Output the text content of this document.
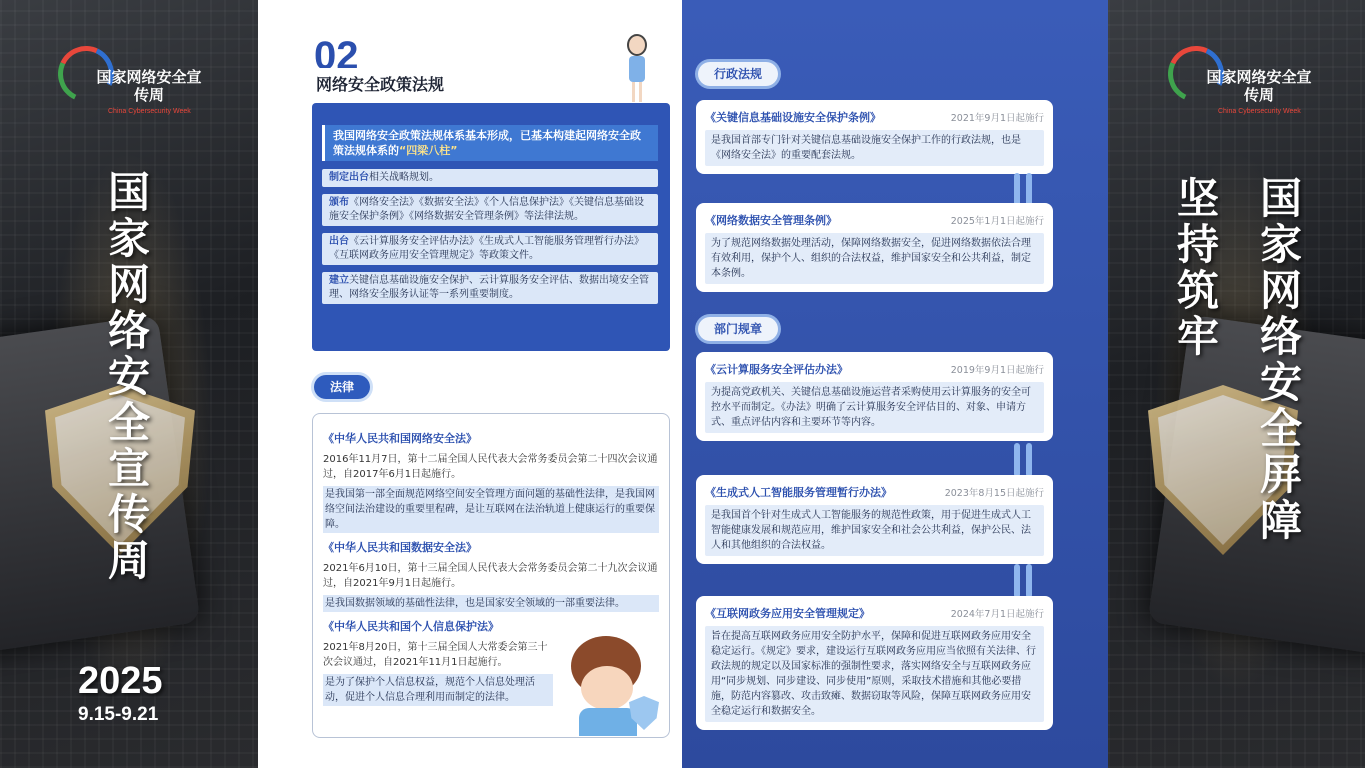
国家网络安全宣传周
China Cybersecurity Week
国家网络安全宣传周
2025
9.15-9.21
02
网络安全政策法规
我国网络安全政策法规体系基本形成，已基本构建起网络安全政策法规体系的“四梁八柱”
制定出台相关战略规划。
颁布《网络安全法》《数据安全法》《个人信息保护法》《关键信息基础设施安全保护条例》《网络数据安全管理条例》等法律法规。
出台《云计算服务安全评估办法》《生成式人工智能服务管理暂行办法》《互联网政务应用安全管理规定》等政策文件。
建立关键信息基础设施安全保护、云计算服务安全评估、数据出境安全管理、网络安全服务认证等一系列重要制度。
法律
《中华人民共和国网络安全法》
2016年11月7日，第十二届全国人民代表大会常务委员会第二十四次会议通过，自2017年6月1日起施行。
是我国第一部全面规范网络空间安全管理方面问题的基础性法律，是我国网络空间法治建设的重要里程碑，是让互联网在法治轨道上健康运行的重要保障。
《中华人民共和国数据安全法》
2021年6月10日，第十三届全国人民代表大会常务委员会第二十九次会议通过，自2021年9月1日起施行。
是我国数据领域的基础性法律，也是国家安全领域的一部重要法律。
《中华人民共和国个人信息保护法》
2021年8月20日，第十三届全国人大常委会第三十次会议通过，自2021年11月1日起施行。
是为了保护个人信息权益，规范个人信息处理活动，促进个人信息合理利用而制定的法律。
行政法规
《关键信息基础设施安全保护条例》	2021年9月1日起施行
是我国首部专门针对关键信息基础设施安全保护工作的行政法规，也是《网络安全法》的重要配套法规。
《网络数据安全管理条例》	2025年1月1日起施行
为了规范网络数据处理活动，保障网络数据安全，促进网络数据依法合理有效利用，保护个人、组织的合法权益，维护国家安全和公共利益，制定本条例。
部门规章
《云计算服务安全评估办法》	2019年9月1日起施行
为提高党政机关、关键信息基础设施运营者采购使用云计算服务的安全可控水平而制定。《办法》明确了云计算服务安全评估目的、对象、申请方式、重点评估内容和主要环节等内容。
《生成式人工智能服务管理暂行办法》	2023年8月15日起施行
是我国首个针对生成式人工智能服务的规范性政策，用于促进生成式人工智能健康发展和规范应用，维护国家安全和社会公共利益，保护公民、法人和其他组织的合法权益。
《互联网政务应用安全管理规定》	2024年7月1日起施行
旨在提高互联网政务应用安全防护水平，保障和促进互联网政务应用安全稳定运行。《规定》要求，建设运行互联网政务应用应当依照有关法律、行政法规的规定以及国家标准的强制性要求，落实网络安全与互联网政务应用“同步规划、同步建设、同步使用”原则，采取技术措施和其他必要措施，防范内容篡改、攻击致瘫、数据窃取等风险，保障互联网政务应用安全稳定运行和数据安全。
国家网络安全宣传周
China Cybersecurity Week
国家网络安全屏障
坚持筑牢
